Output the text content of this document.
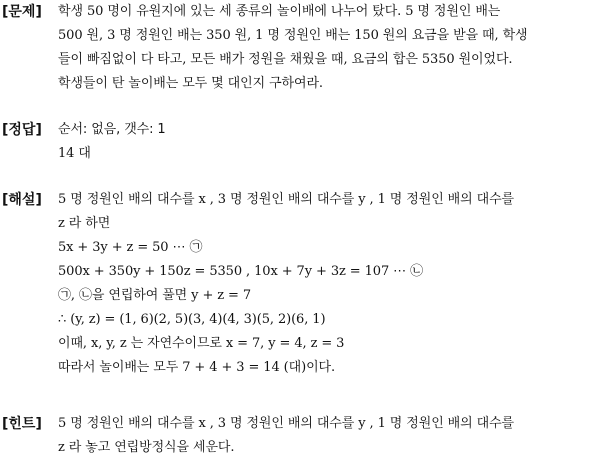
[문제] 학생 50 명이 유원지에 있는 세 종류의 놀이배에 나누어 탔다. 5 명 정원인 배는
500 원, 3 명 정원인 배는 350 원, 1 명 정원인 배는 150 원의 요금을 받을 때, 학생
들이 빠짐없이 다 타고, 모든 배가 정원을 채웠을 때, 요금의 합은 5350 원이었다.
학생들이 탄 놀이배는 모두 몇 대인지 구하여라.
[정답] 순서: 없음, 갯수: 1
14 대
[해설] 5 명 정원인 배의 대수를 x , 3 명 정원인 배의 대수를 y , 1 명 정원인 배의 대수를
z 라 하면
5x + 3y + z = 50 ⋯ ㉠
500x + 350y + 150z = 5350 , 10x + 7y + 3z = 107 ⋯ ㉡
㉠, ㉡을 연립하여 풀면 y + z = 7
∴ (y, z) = (1, 6)(2, 5)(3, 4)(4, 3)(5, 2)(6, 1)
이때, x, y, z 는 자연수이므로 x = 7, y = 4, z = 3
따라서 놀이배는 모두 7 + 4 + 3 = 14 (대)이다.
[힌트] 5 명 정원인 배의 대수를 x , 3 명 정원인 배의 대수를 y , 1 명 정원인 배의 대수를
z 라 놓고 연립방정식을 세운다.
